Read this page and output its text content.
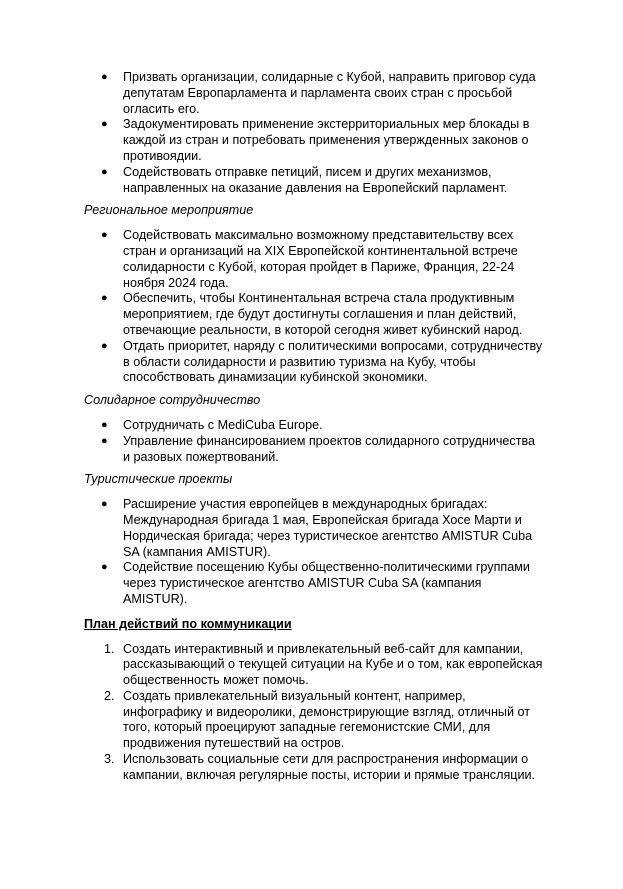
● Призвать организации, солидарные с Кубой, направить приговор суда депутатам Европарламента и парламента своих стран с просьбой огласить его.
● Задокументировать применение экстерриториальных мер блокады в каждой из стран и потребовать применения утвержденных законов о противоядии.
● Содействовать отправке петиций, писем и других механизмов, направленных на оказание давления на Европейский парламент.
Региональное мероприятие
● Содействовать максимально возможному представительству всех стран и организаций на XIX Европейской континентальной встрече солидарности с Кубой, которая пройдет в Париже, Франция, 22-24 ноября 2024 года.
● Обеспечить, чтобы Континентальная встреча стала продуктивным мероприятием, где будут достигнуты соглашения и план действий, отвечающие реальности, в которой сегодня живет кубинский народ.
● Отдать приоритет, наряду с политическими вопросами, сотрудничеству в области солидарности и развитию туризма на Кубу, чтобы способствовать динамизации кубинской экономики.
Солидарное сотрудничество
● Сотрудничать с MediCuba Europe.
● Управление финансированием проектов солидарного сотрудничества и разовых пожертвований.
Туристические проекты
● Расширение участия европейцев в международных бригадах: Международная бригада 1 мая, Европейская бригада Хосе Марти и Нордическая бригада; через туристическое агентство AMISTUR Cuba SA (кампания AMISTUR).
● Содействие посещению Кубы общественно-политическими группами через туристическое агентство AMISTUR Cuba SA (кампания AMISTUR).
План действий по коммуникации
1. Создать интерактивный и привлекательный веб-сайт для кампании, рассказывающий о текущей ситуации на Кубе и о том, как европейская общественность может помочь.
2. Создать привлекательный визуальный контент, например, инфографику и видеоролики, демонстрирующие взгляд, отличный от того, который проецируют западные гегемонистские СМИ, для продвижения путешествий на остров.
3. Использовать социальные сети для распространения информации о кампании, включая регулярные посты, истории и прямые трансляции.
